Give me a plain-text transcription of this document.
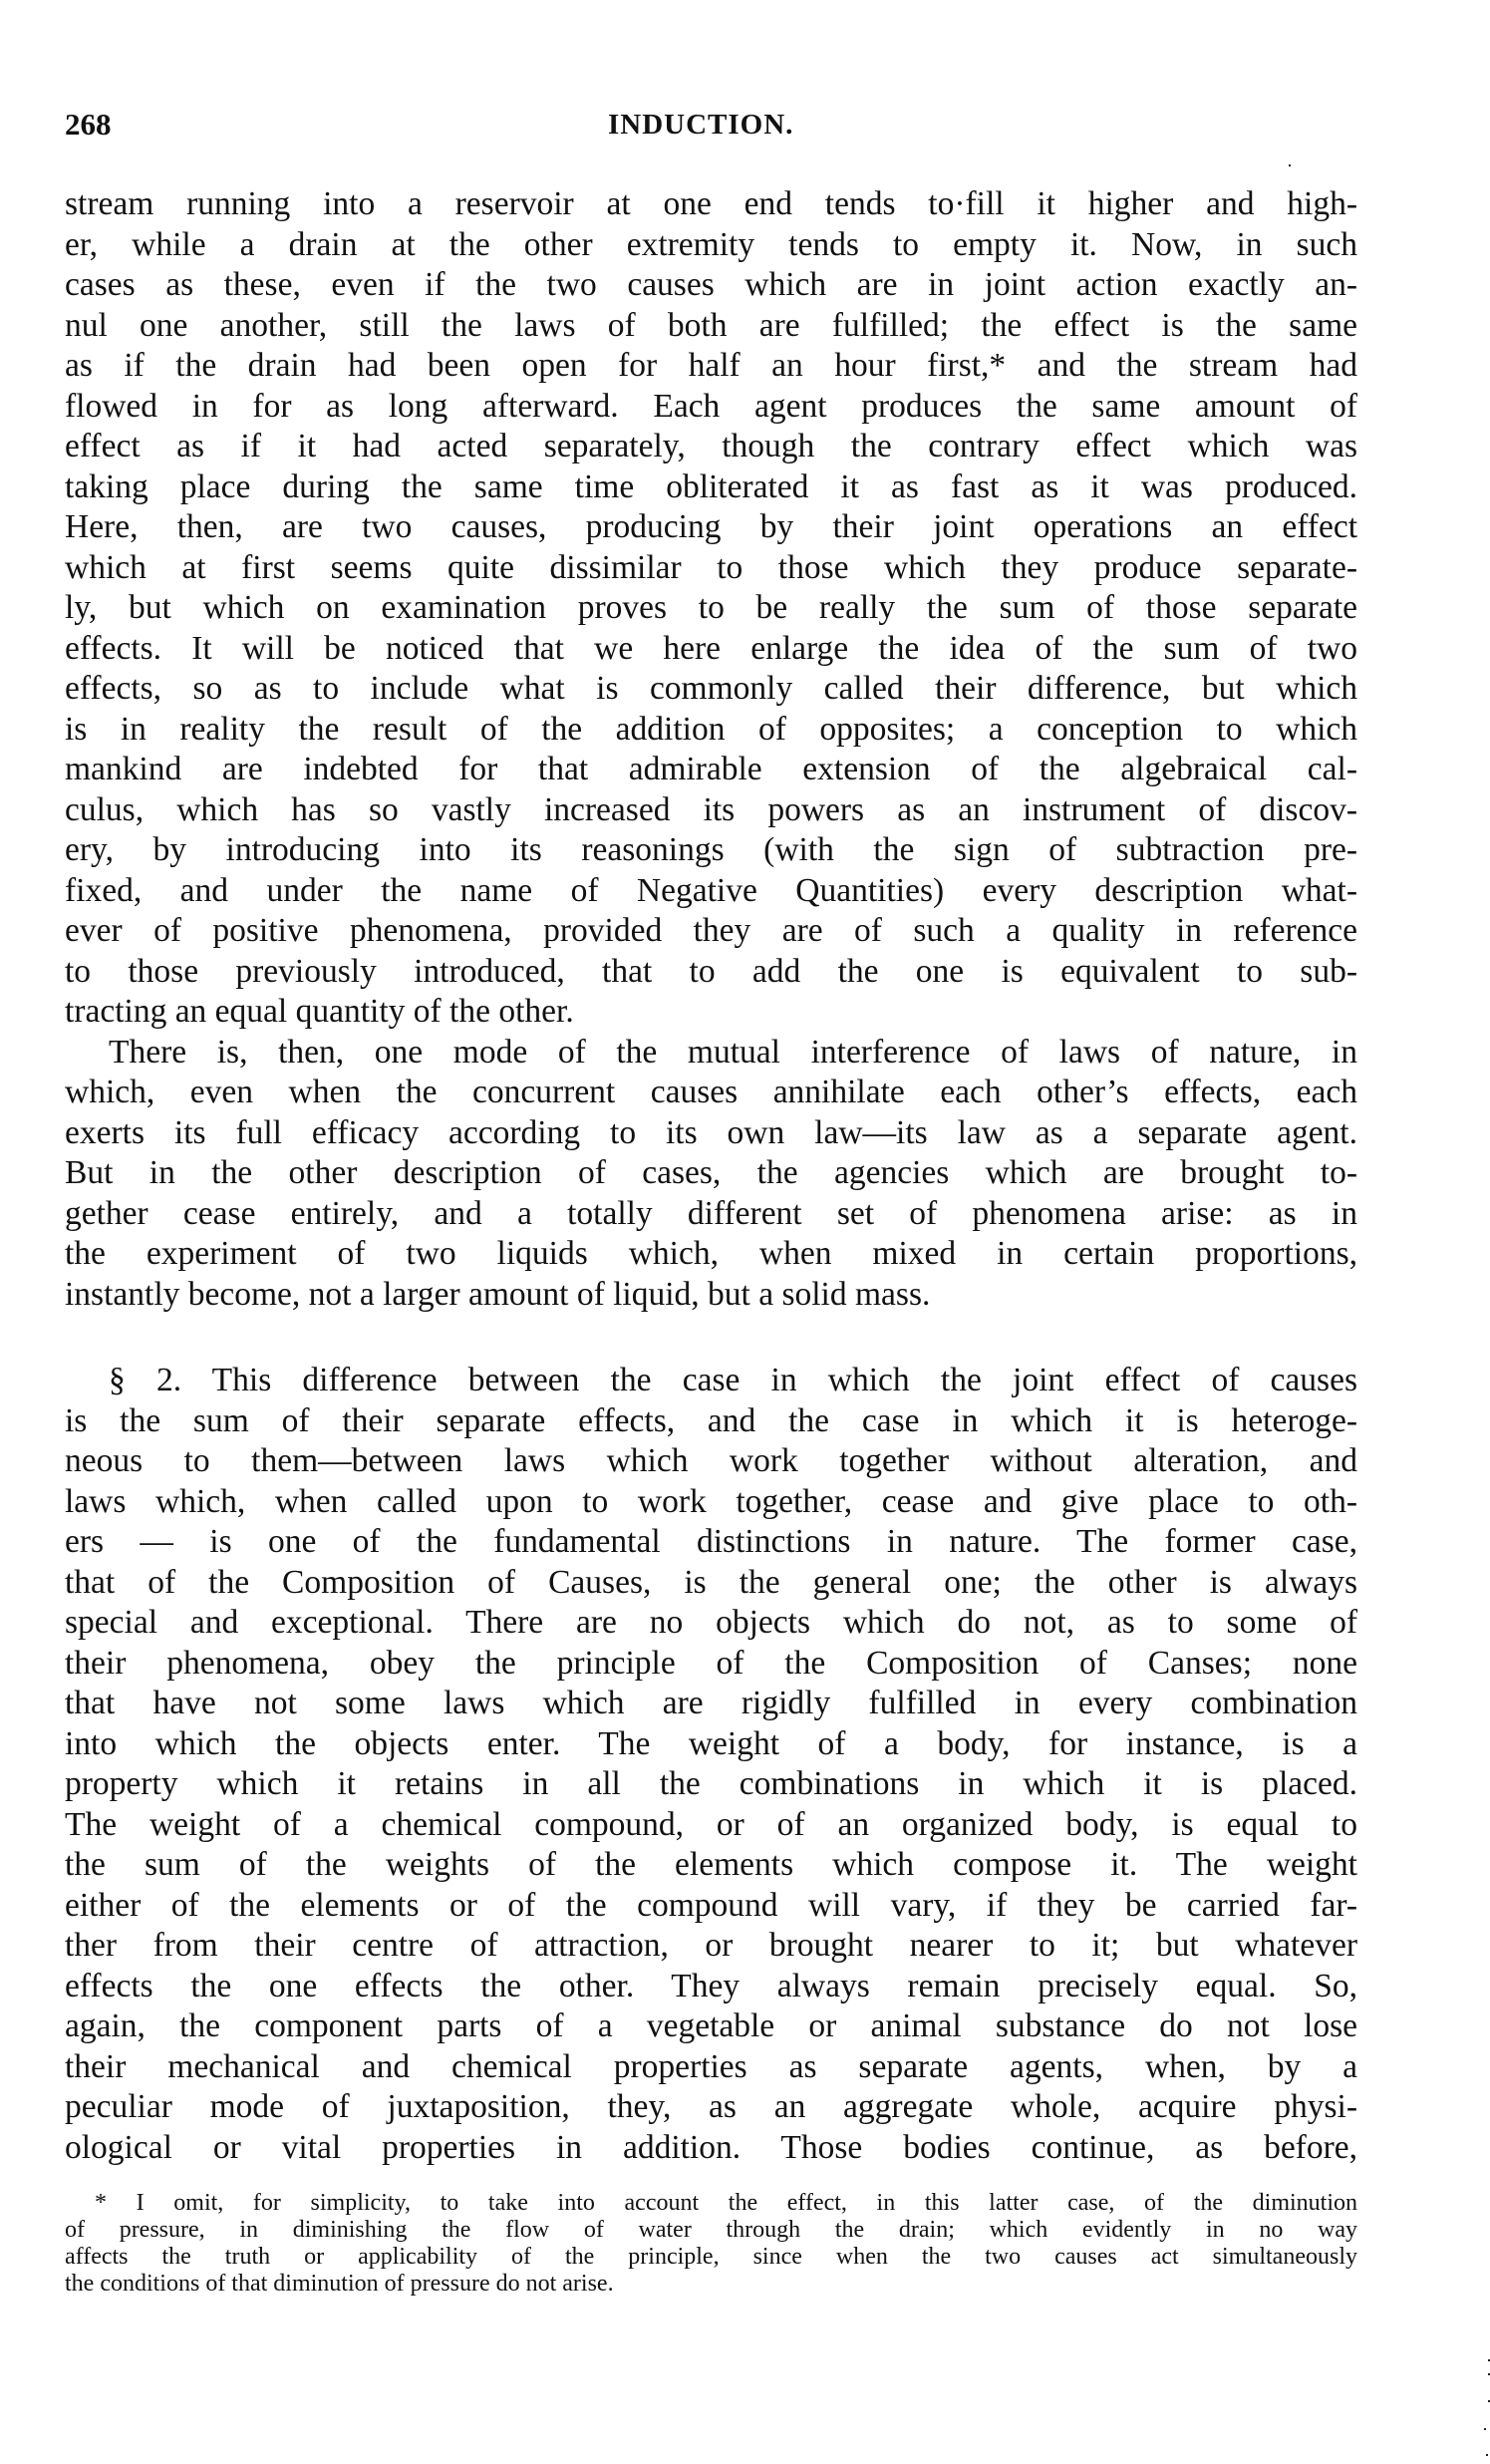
268	INDUCTION.
stream running into a reservoir at one end tends to·fill it higher and high-
er, while a drain at the other extremity tends to empty it. Now, in such
cases as these, even if the two causes which are in joint action exactly an-
nul one another, still the laws of both are fulfilled; the effect is the same
as if the drain had been open for half an hour first,* and the stream had
flowed in for as long afterward. Each agent produces the same amount of
effect as if it had acted separately, though the contrary effect which was
taking place during the same time obliterated it as fast as it was produced.
Here, then, are two causes, producing by their joint operations an effect
which at first seems quite dissimilar to those which they produce separate-
ly, but which on examination proves to be really the sum of those separate
effects. It will be noticed that we here enlarge the idea of the sum of two
effects, so as to include what is commonly called their difference, but which
is in reality the result of the addition of opposites; a conception to which
mankind are indebted for that admirable extension of the algebraical cal-
culus, which has so vastly increased its powers as an instrument of discov-
ery, by introducing into its reasonings (with the sign of subtraction pre-
fixed, and under the name of Negative Quantities) every description what-
ever of positive phenomena, provided they are of such a quality in reference
to those previously introduced, that to add the one is equivalent to sub-
tracting an equal quantity of the other.
There is, then, one mode of the mutual interference of laws of nature, in
which, even when the concurrent causes annihilate each other’s effects, each
exerts its full efficacy according to its own law—its law as a separate agent.
But in the other description of cases, the agencies which are brought to-
gether cease entirely, and a totally different set of phenomena arise: as in
the experiment of two liquids which, when mixed in certain proportions,
instantly become, not a larger amount of liquid, but a solid mass.
§ 2. This difference between the case in which the joint effect of causes
is the sum of their separate effects, and the case in which it is heteroge-
neous to them—between laws which work together without alteration, and
laws which, when called upon to work together, cease and give place to oth-
ers — is one of the fundamental distinctions in nature. The former case,
that of the Composition of Causes, is the general one; the other is always
special and exceptional. There are no objects which do not, as to some of
their phenomena, obey the principle of the Composition of Canses; none
that have not some laws which are rigidly fulfilled in every combination
into which the objects enter. The weight of a body, for instance, is a
property which it retains in all the combinations in which it is placed.
The weight of a chemical compound, or of an organized body, is equal to
the sum of the weights of the elements which compose it. The weight
either of the elements or of the compound will vary, if they be carried far-
ther from their centre of attraction, or brought nearer to it; but whatever
effects the one effects the other. They always remain precisely equal. So,
again, the component parts of a vegetable or animal substance do not lose
their mechanical and chemical properties as separate agents, when, by a
peculiar mode of juxtaposition, they, as an aggregate whole, acquire physi-
ological or vital properties in addition. Those bodies continue, as before,
* I omit, for simplicity, to take into account the effect, in this latter case, of the diminution
of pressure, in diminishing the flow of water through the drain; which evidently in no way
affects the truth or applicability of the principle, since when the two causes act simultaneously
the conditions of that diminution of pressure do not arise.
